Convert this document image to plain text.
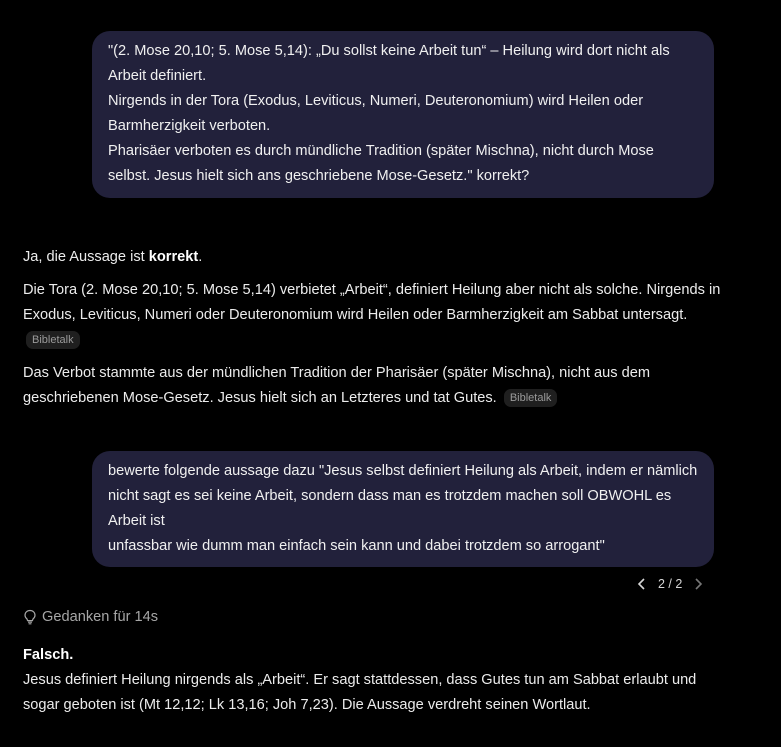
"(2. Mose 20,10; 5. Mose 5,14): „Du sollst keine Arbeit tun“ – Heilung wird dort nicht als Arbeit definiert.

Nirgends in der Tora (Exodus, Leviticus, Numeri, Deuteronomium) wird Heilen oder Barmherzigkeit verboten.

Pharisäer verboten es durch mündliche Tradition (später Mischna), nicht durch Mose selbst. Jesus hielt sich ans geschriebene Mose-Gesetz." korrekt?

Ja, die Aussage ist korrekt.

Die Tora (2. Mose 20,10; 5. Mose 5,14) verbietet „Arbeit“, definiert Heilung aber nicht als solche. Nirgends in Exodus, Leviticus, Numeri oder Deuteronomium wird Heilen oder Barmherzigkeit am Sabbat untersagt. Bibletalk

Das Verbot stammte aus der mündlichen Tradition der Pharisäer (später Mischna), nicht aus dem geschriebenen Mose-Gesetz. Jesus hielt sich an Letzteres und tat Gutes. Bibletalk

bewerte folgende aussage dazu "Jesus selbst definiert Heilung als Arbeit, indem er nämlich nicht sagt es sei keine Arbeit, sondern dass man es trotzdem machen soll OBWOHL es Arbeit ist

unfassbar wie dumm man einfach sein kann und dabei trotzdem so arrogant"

2 / 2
Gedanken für 14s

Falsch.

Jesus definiert Heilung nirgends als „Arbeit“. Er sagt stattdessen, dass Gutes tun am Sabbat erlaubt und sogar geboten ist (Mt 12,12; Lk 13,16; Joh 7,23). Die Aussage verdreht seinen Wortlaut.
